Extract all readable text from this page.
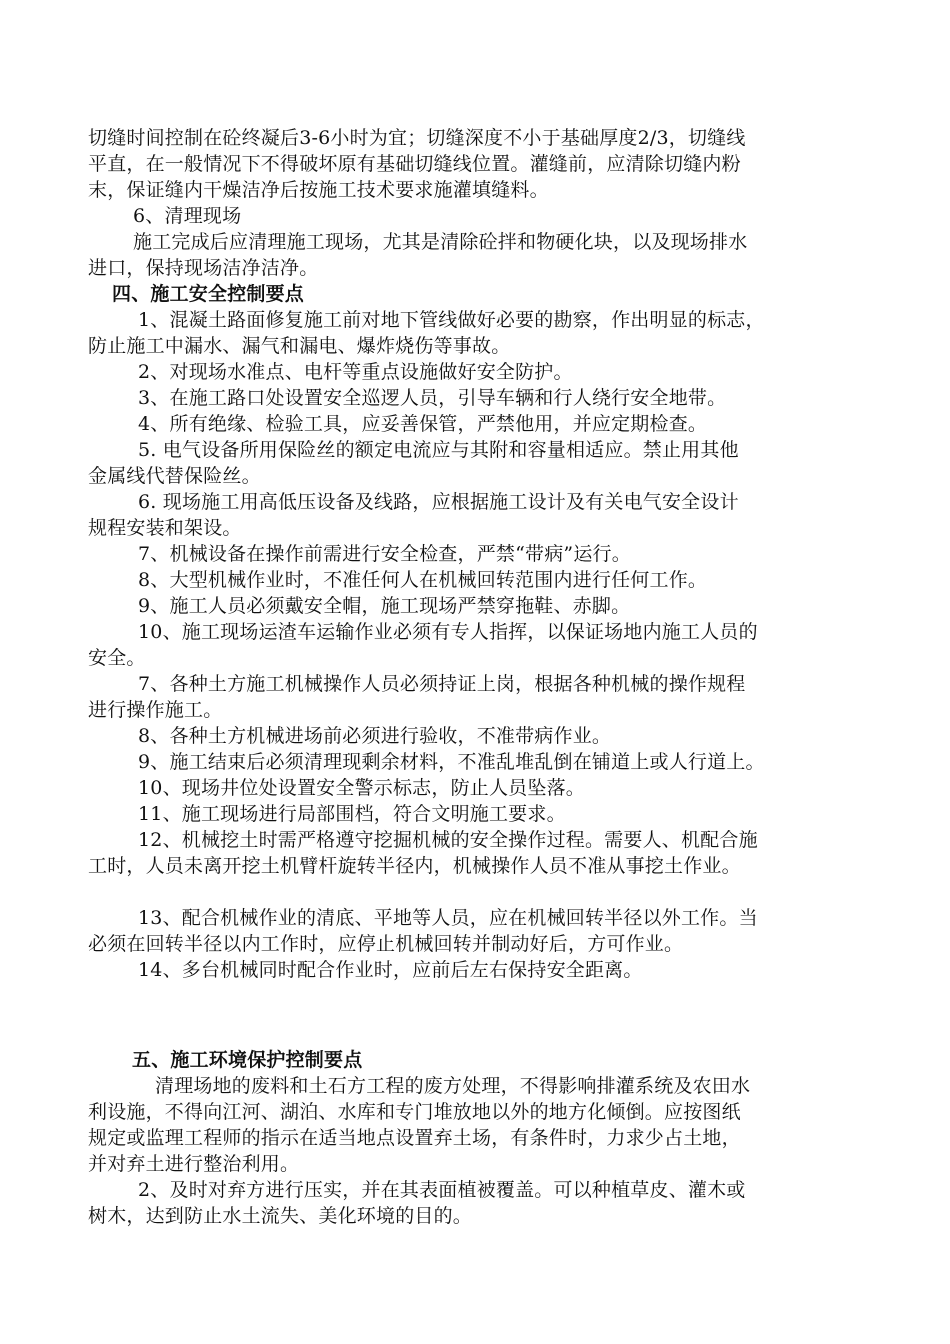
切缝时间控制在砼终凝后3-6小时为宜；切缝深度不小于基础厚度2/3，切缝线
平直，在一般情况下不得破坏原有基础切缝线位置。灌缝前，应清除切缝内粉
末，保证缝内干燥洁净后按施工技术要求施灌填缝料。
6、清理现场
施工完成后应清理施工现场，尤其是清除砼拌和物硬化块，以及现场排水
进口，保持现场洁净洁净。
四、施工安全控制要点
1、混凝土路面修复施工前对地下管线做好必要的勘察，作出明显的标志，
防止施工中漏水、漏气和漏电、爆炸烧伤等事故。
2、对现场水准点、电杆等重点设施做好安全防护。
3、在施工路口处设置安全巡逻人员，引导车辆和行人绕行安全地带。
4、所有绝缘、检验工具，应妥善保管，严禁他用，并应定期检查。
5. 电气设备所用保险丝的额定电流应与其附和容量相适应。禁止用其他
金属线代替保险丝。
6. 现场施工用高低压设备及线路，应根据施工设计及有关电气安全设计
规程安装和架设。
7、机械设备在操作前需进行安全检查，严禁“带病”运行。
8、大型机械作业时，不准任何人在机械回转范围内进行任何工作。
9、施工人员必须戴安全帽，施工现场严禁穿拖鞋、赤脚。
10、施工现场运渣车运输作业必须有专人指挥，以保证场地内施工人员的
安全。
7、各种土方施工机械操作人员必须持证上岗，根据各种机械的操作规程
进行操作施工。
8、各种土方机械进场前必须进行验收，不准带病作业。
9、施工结束后必须清理现剩余材料，不准乱堆乱倒在铺道上或人行道上。
10、现场井位处设置安全警示标志，防止人员坠落。
11、施工现场进行局部围档，符合文明施工要求。
12、机械挖土时需严格遵守挖掘机械的安全操作过程。需要人、机配合施
工时，人员未离开挖土机臂杆旋转半径内，机械操作人员不准从事挖土作业。
13、配合机械作业的清底、平地等人员，应在机械回转半径以外工作。当
必须在回转半径以内工作时，应停止机械回转并制动好后，方可作业。
14、多台机械同时配合作业时，应前后左右保持安全距离。
五、施工环境保护控制要点
清理场地的废料和土石方工程的废方处理，不得影响排灌系统及农田水
利设施，不得向江河、湖泊、水库和专门堆放地以外的地方化倾倒。应按图纸
规定或监理工程师的指示在适当地点设置弃土场，有条件时，力求少占土地，
并对弃土进行整治利用。
2、及时对弃方进行压实，并在其表面植被覆盖。可以种植草皮、灌木或
树木，达到防止水土流失、美化环境的目的。
